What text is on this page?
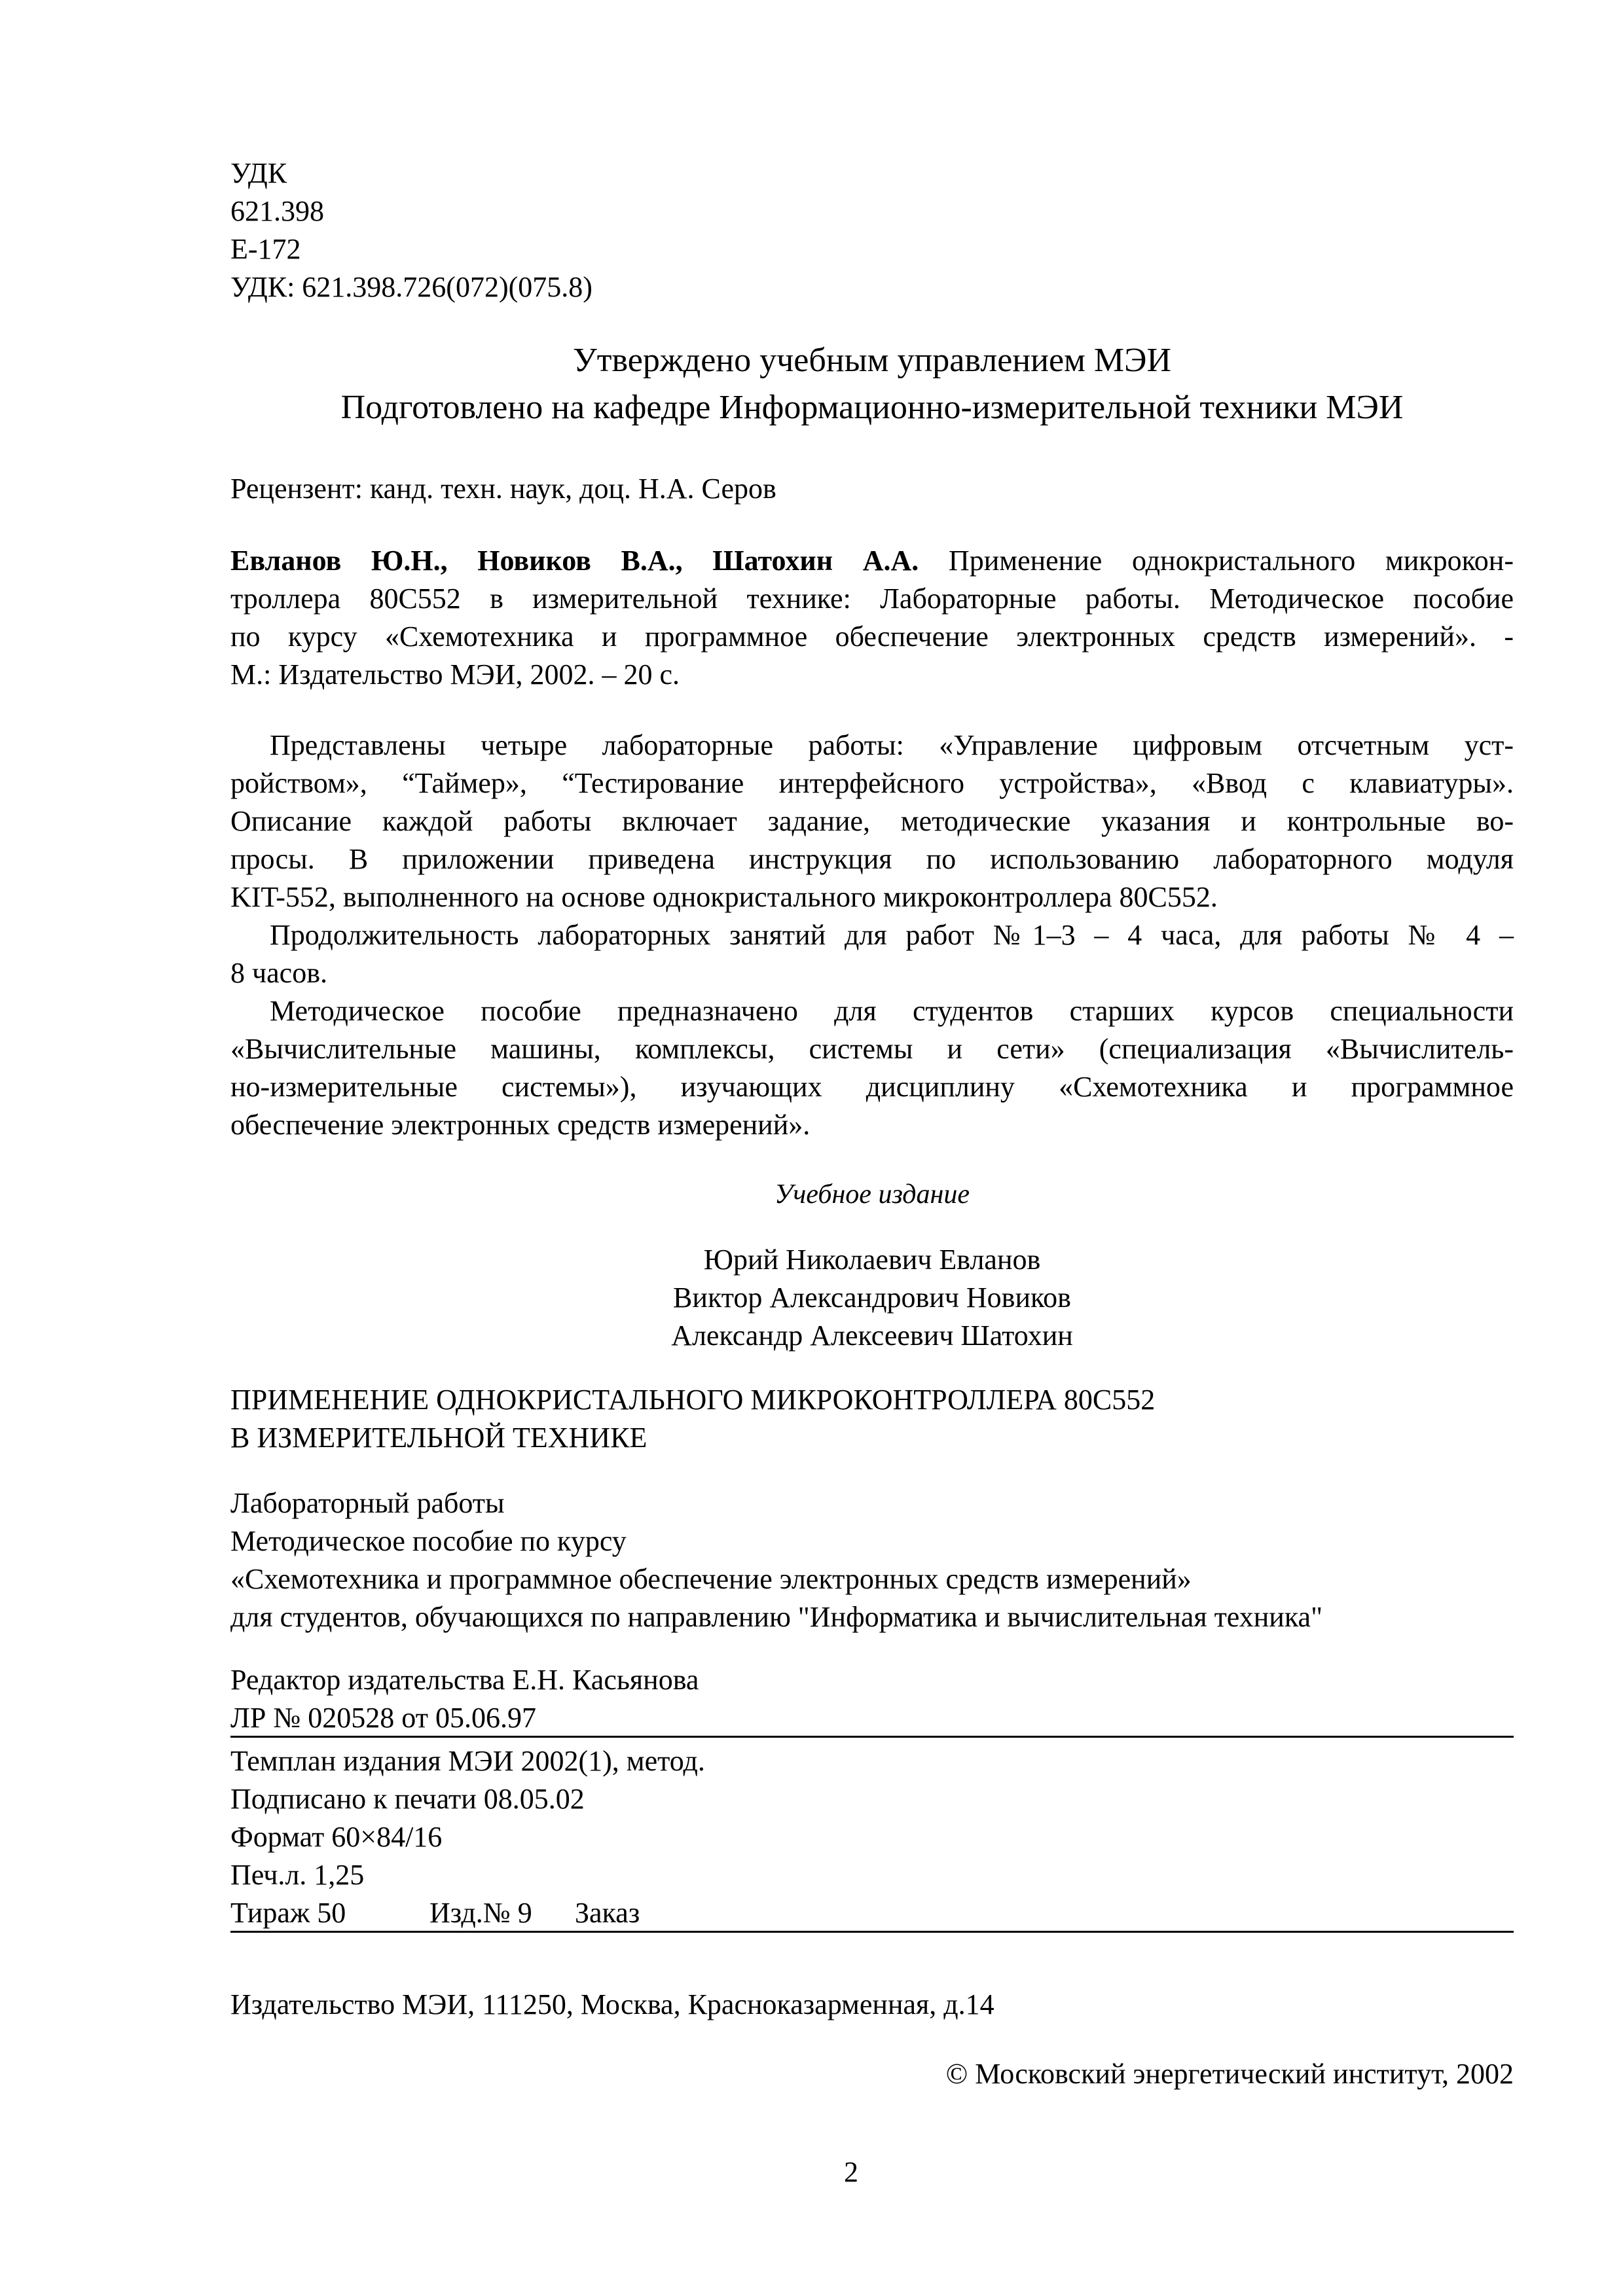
УДК
621.398
Е-172
УДК: 621.398.726(072)(075.8)
Утверждено учебным управлением МЭИ
Подготовлено на кафедре Информационно-измерительной техники МЭИ
Рецензент: канд. техн. наук, доц. Н.А. Серов
Евланов Ю.Н., Новиков В.А., Шатохин А.А. Применение однокристального микрокон-
троллера 80С552 в измерительной технике: Лабораторные работы. Методическое пособие
по курсу «Схемотехника и программное обеспечение электронных средств измерений». -
М.: Издательство МЭИ, 2002. – 20 с.
Представлены четыре лабораторные работы: «Управление цифровым отсчетным уст-
ройством», “Таймер», “Тестирование интерфейсного устройства», «Ввод с клавиатуры».
Описание каждой работы включает задание, методические указания и контрольные во-
просы. В приложении приведена инструкция по использованию лабораторного модуля
KIT-552, выполненного на основе однокристального микроконтроллера 80С552.
Продолжительность лабораторных занятий для работ №1–3 – 4 часа, для работы № 4 –
8 часов.
Методическое пособие предназначено для студентов старших курсов специальности
«Вычислительные машины, комплексы, системы и сети» (специализация «Вычислитель-
но-измерительные системы»), изучающих дисциплину «Схемотехника и программное
обеспечение электронных средств измерений».
Учебное издание
Юрий Николаевич Евланов
Виктор Александрович Новиков
Александр Алексеевич Шатохин
ПРИМЕНЕНИЕ ОДНОКРИСТАЛЬНОГО МИКРОКОНТРОЛЛЕРА 80С552
В ИЗМЕРИТЕЛЬНОЙ ТЕХНИКЕ
Лабораторный работы
Методическое пособие по курсу
«Схемотехника и программное обеспечение электронных средств измерений»
для студентов, обучающихся по направлению "Информатика и вычислительная техника"
Редактор издательства Е.Н. Касьянова
ЛР № 020528 от 05.06.97
Темплан издания МЭИ 2002(1), метод.
Подписано к печати 08.05.02
Формат 60×84/16
Печ.л. 1,25
Тираж 50	Изд.№ 9 Заказ
Издательство МЭИ, 111250, Москва, Красноказарменная, д.14
© Московский энергетический институт, 2002
2
